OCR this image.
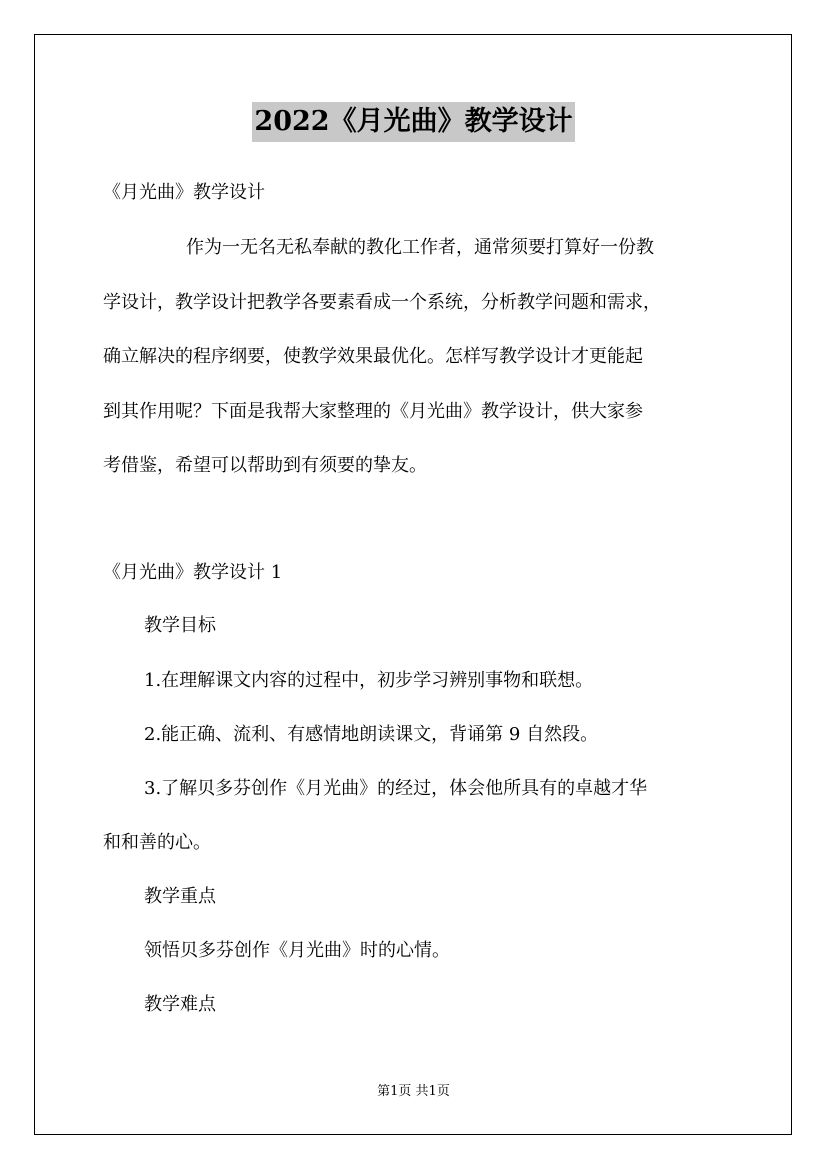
2022《月光曲》教学设计
《月光曲》教学设计
作为一无名无私奉献的教化工作者，通常须要打算好一份教
学设计，教学设计把教学各要素看成一个系统，分析教学问题和需求，
确立解决的程序纲要，使教学效果最优化。怎样写教学设计才更能起
到其作用呢？下面是我帮大家整理的《月光曲》教学设计，供大家参
考借鉴，希望可以帮助到有须要的挚友。
《月光曲》教学设计 1
教学目标
1.在理解课文内容的过程中，初步学习辨别事物和联想。
2.能正确、流利、有感情地朗读课文，背诵第 9 自然段。
3.了解贝多芬创作《月光曲》的经过，体会他所具有的卓越才华
和和善的心。
教学重点
领悟贝多芬创作《月光曲》时的心情。
教学难点
第1页 共1页
